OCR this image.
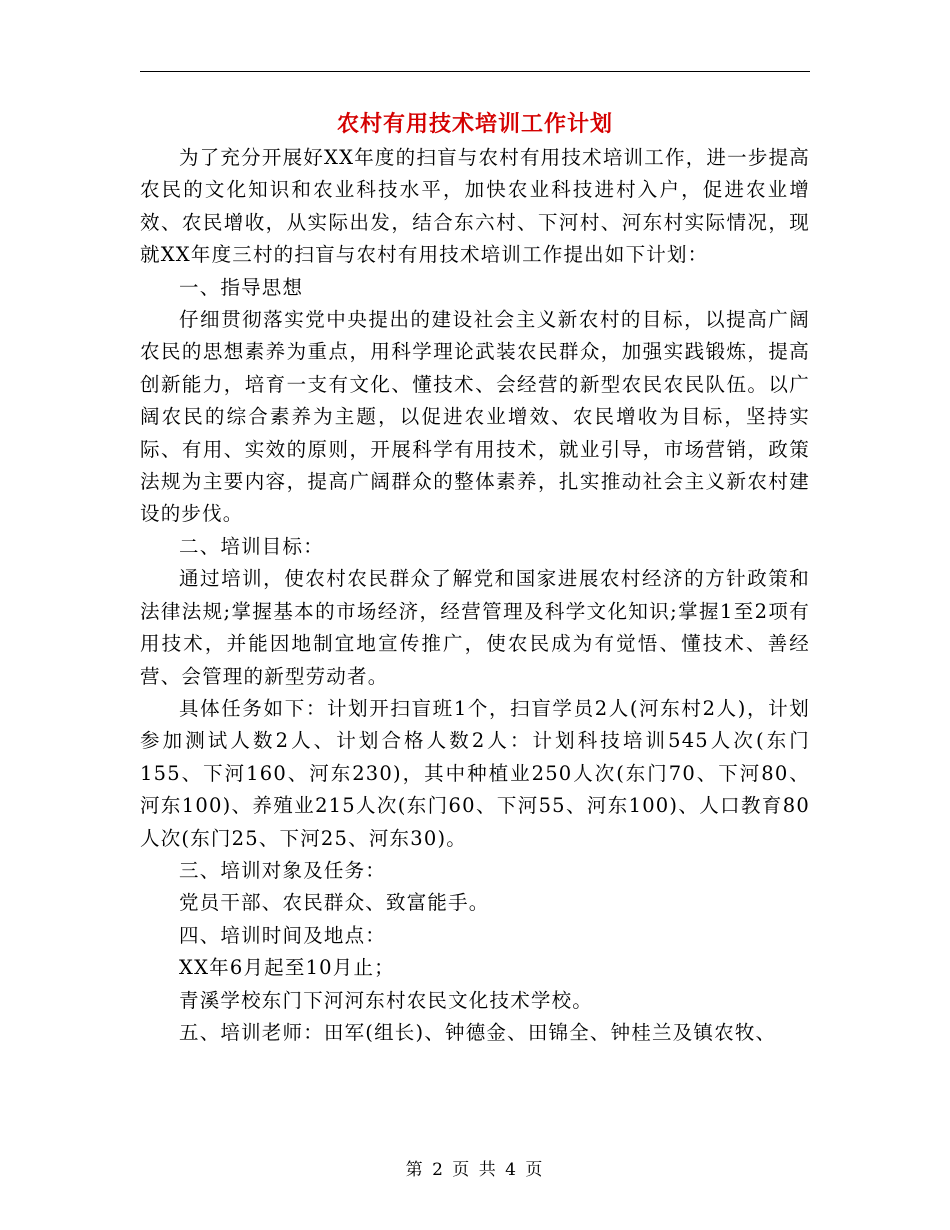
农村有用技术培训工作计划

为了充分开展好XX年度的扫盲与农村有用技术培训工作，进一步提高农民的文化知识和农业科技水平，加快农业科技进村入户，促进农业增效、农民增收，从实际出发，结合东六村、下河村、河东村实际情况，现就XX年度三村的扫盲与农村有用技术培训工作提出如下计划：

一、指导思想

仔细贯彻落实党中央提出的建设社会主义新农村的目标，以提高广阔农民的思想素养为重点，用科学理论武装农民群众，加强实践锻炼，提高创新能力，培育一支有文化、懂技术、会经营的新型农民农民队伍。以广阔农民的综合素养为主题，以促进农业增效、农民增收为目标，坚持实际、有用、实效的原则，开展科学有用技术，就业引导，市场营销，政策法规为主要内容，提高广阔群众的整体素养，扎实推动社会主义新农村建设的步伐。

二、培训目标：

通过培训，使农村农民群众了解党和国家进展农村经济的方针政策和法律法规;掌握基本的市场经济，经营管理及科学文化知识;掌握1至2项有用技术，并能因地制宜地宣传推广，使农民成为有觉悟、懂技术、善经营、会管理的新型劳动者。

具体任务如下：计划开扫盲班1个，扫盲学员2人(河东村2人)，计划参加测试人数2人、计划合格人数2人：计划科技培训545人次(东门155、下河160、河东230)，其中种植业250人次(东门70、下河80、河东100)、养殖业215人次(东门60、下河55、河东100)、人口教育80人次(东门25、下河25、河东30)。

三、培训对象及任务：

党员干部、农民群众、致富能手。

四、培训时间及地点：

XX年6月起至10月止；

青溪学校东门下河河东村农民文化技术学校。

五、培训老师：田军(组长)、钟德金、田锦全、钟桂兰及镇农牧、

第 2 页 共 4 页
